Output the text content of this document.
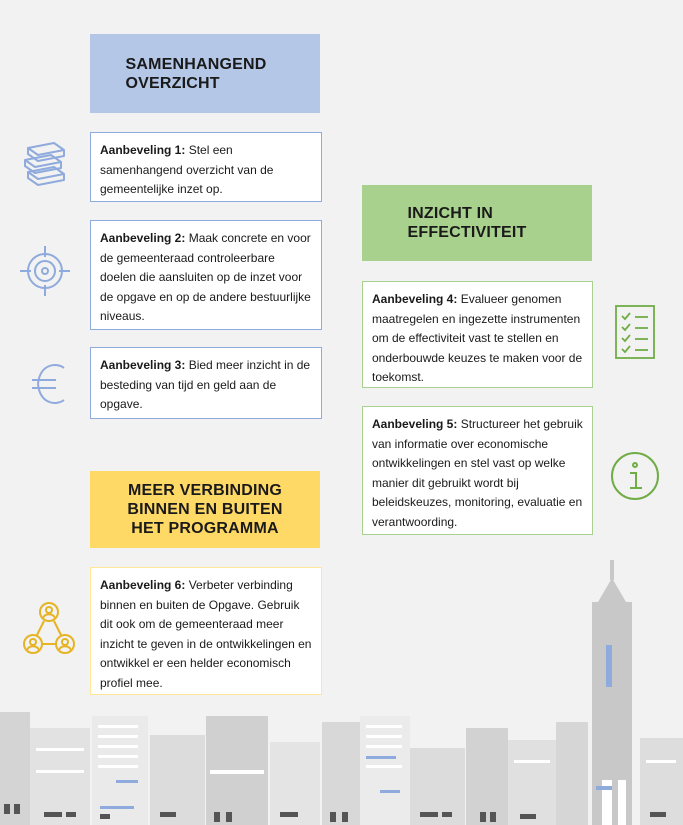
SAMENHANGEND
OVERZICHT
INZICHT IN
EFFECTIVITEIT
MEER VERBINDING
BINNEN EN BUITEN
HET PROGRAMMA
Aanbeveling 1: Stel een samenhangend overzicht van de gemeentelijke inzet op.
Aanbeveling 2: Maak concrete en voor de gemeenteraad controleerbare doelen die aansluiten op de inzet voor de opgave en op de andere bestuurlijke niveaus.
Aanbeveling 3: Bied meer inzicht in de besteding van tijd en geld aan de opgave.
Aanbeveling 4: Evalueer genomen maatregelen en ingezette instrumenten om de effectiviteit vast te stellen en onderbouwde keuzes te maken voor de toekomst.
Aanbeveling 5: Structureer het gebruik van informatie over economische ontwikkelingen en stel vast op welke manier dit gebruikt wordt bij beleidskeuzes, monitoring, evaluatie en verantwoording.
Aanbeveling 6: Verbeter verbinding binnen en buiten de Opgave. Gebruik dit ook om de gemeenteraad meer inzicht te geven in de ontwikkelingen en ontwikkel er een helder economisch profiel mee.
